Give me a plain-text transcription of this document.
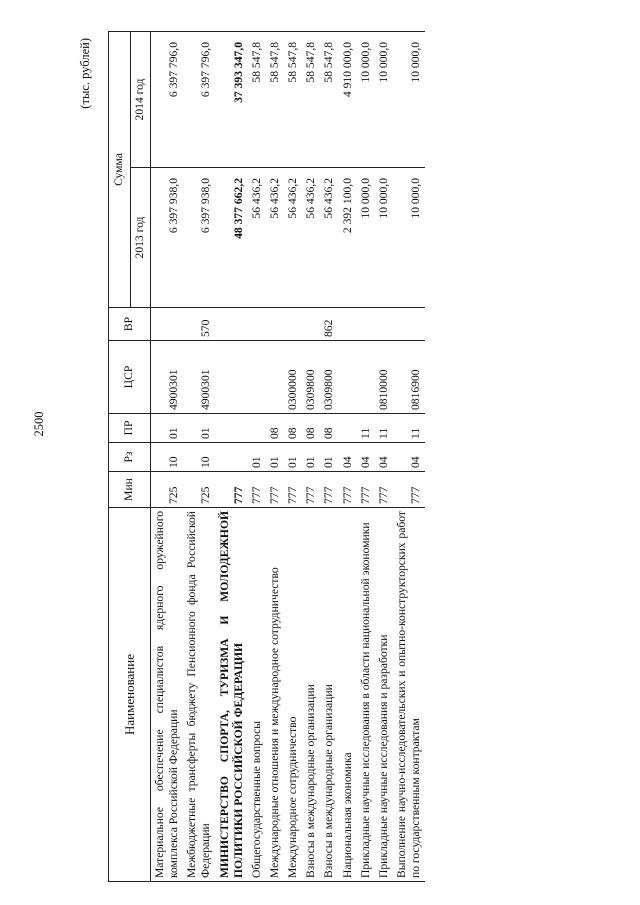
2500
(тыс. рублей)
Наименование	Мин	Рз	ПР	ЦСР	ВР	Сумма	
						2013 год	2014 год
Материальное обеспечение специалистов ядерного оружейного комплекса Российской Федерации	725	10	01	4900301		6 397 938,0	6 397 796,0
Межбюджетные трансферты бюджету Пенсионного фонда Российской Федерации	725	10	01	4900301	570	6 397 938,0	6 397 796,0
МИНИСТЕРСТВО СПОРТА, ТУРИЗМА И МОЛОДЕЖНОЙ ПОЛИТИКИ РОССИЙСКОЙ ФЕДЕРАЦИИ	777					48 377 662,2	37 393 347,0
Общегосударственные вопросы	777	01				56 436,2	58 547,8
Международные отношения и международное сотрудничество	777	01	08			56 436,2	58 547,8
Международное сотрудничество	777	01	08	0300000		56 436,2	58 547,8
Взносы в международные организации	777	01	08	0309800		56 436,2	58 547,8
Взносы в международные организации	777	01	08	0309800	862	56 436,2	58 547,8
Национальная экономика	777	04				2 392 100,0	4 910 000,0
Прикладные научные исследования в области национальной экономики	777	04	11			10 000,0	10 000,0
Прикладные научные исследования и разработки	777	04	11	0810000		10 000,0	10 000,0
Выполнение научно-исследовательских и опытно-конструкторских работ по государственным контрактам	777	04	11	0816900		10 000,0	10 000,0
